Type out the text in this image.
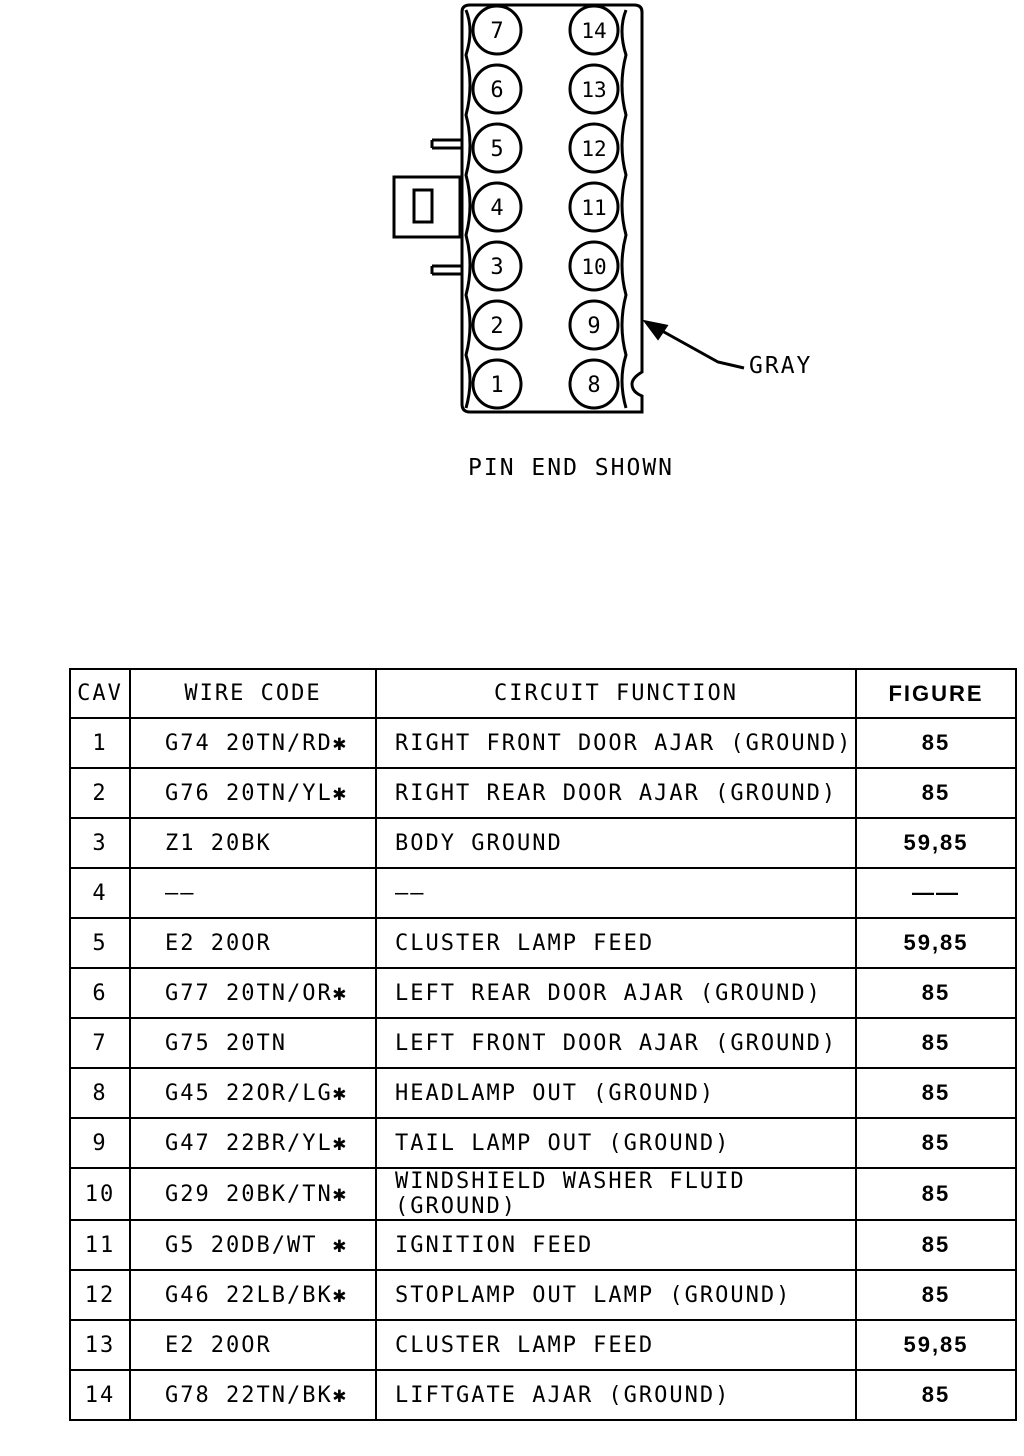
7
6
5
4
3
2
1
14
13
12
11
10
9
8
GRAY
PIN END SHOWN
CAV	WIRE CODE	CIRCUIT FUNCTION	FIGURE
1	G74 20TN/RD✱	RIGHT FRONT DOOR AJAR (GROUND)	85
2	G76 20TN/YL✱	RIGHT REAR DOOR AJAR (GROUND)	85
3	Z1 20BK	BODY GROUND	59,85
4	——	——	——
5	E2 20OR	CLUSTER LAMP FEED	59,85
6	G77 20TN/OR✱	LEFT REAR DOOR AJAR (GROUND)	85
7	G75 20TN	LEFT FRONT DOOR AJAR (GROUND)	85
8	G45 22OR/LG✱	HEADLAMP OUT (GROUND)	85
9	G47 22BR/YL✱	TAIL LAMP OUT (GROUND)	85
10	G29 20BK/TN✱	WINDSHIELD WASHER FLUID (GROUND)	85
11	G5 20DB/WT ✱	IGNITION FEED	85
12	G46 22LB/BK✱	STOPLAMP OUT LAMP (GROUND)	85
13	E2 20OR	CLUSTER LAMP FEED	59,85
14	G78 22TN/BK✱	LIFTGATE AJAR (GROUND)	85
